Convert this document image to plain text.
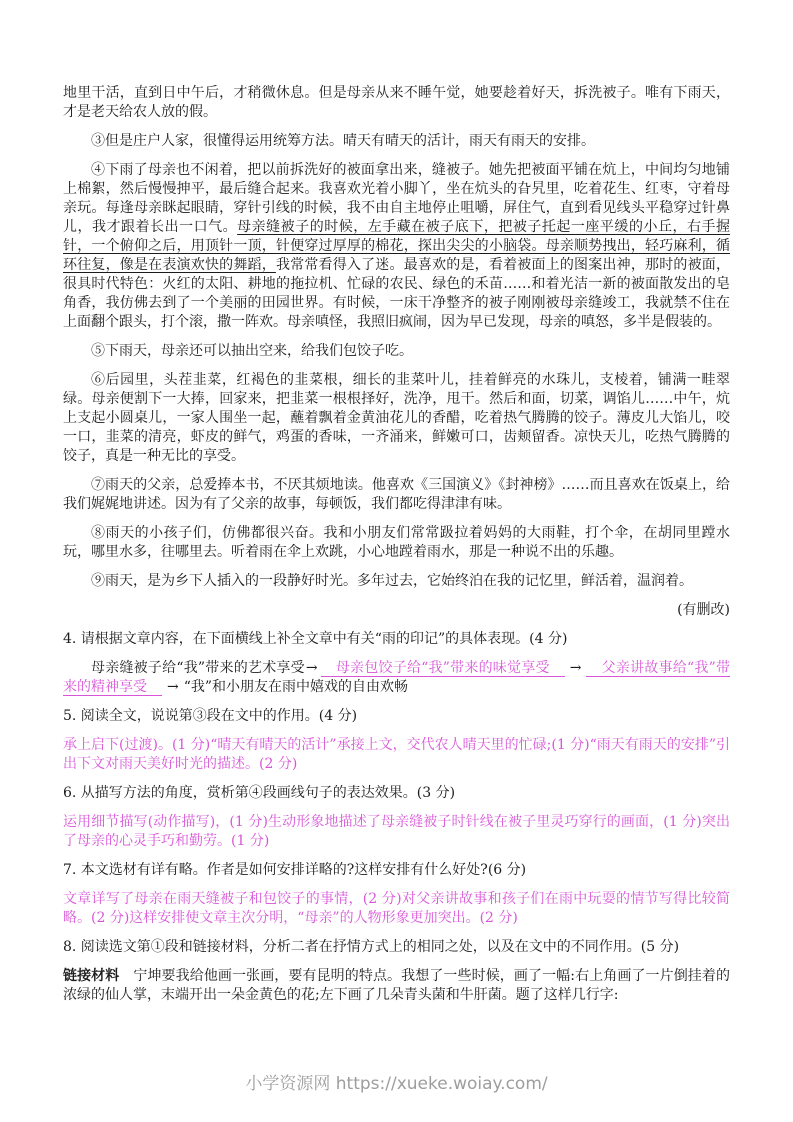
地里干活，直到日中午后，才稍微休息。但是母亲从来不睡午觉，她要趁着好天，拆洗被子。唯有下雨天，才是老天给农人放的假。

③但是庄户人家，很懂得运用统筹方法。晴天有晴天的活计，雨天有雨天的安排。

④下雨了母亲也不闲着，把以前拆洗好的被面拿出来，缝被子。她先把被面平铺在炕上，中间均匀地铺上棉絮，然后慢慢抻平，最后缝合起来。我喜欢光着小脚丫，坐在炕头的旮旯里，吃着花生、红枣，守着母亲玩。每逢母亲眯起眼睛，穿针引线的时候，我不由自主地停止咀嚼，屏住气，直到看见线头平稳穿过针鼻儿，我才跟着长出一口气。母亲缝被子的时候，左手藏在被子底下，把被子托起一座平缓的小丘，右手握针，一个俯仰之后，用顶针一顶，针便穿过厚厚的棉花，探出尖尖的小脑袋。母亲顺势拽出，轻巧麻利，循环往复，像是在表演欢快的舞蹈，我常常看得入了迷。最喜欢的是，看着被面上的图案出神，那时的被面，很具时代特色：火红的太阳、耕地的拖拉机、忙碌的农民、绿色的禾苗……和着光洁一新的被面散发出的皂角香，我仿佛去到了一个美丽的田园世界。有时候，一床干净整齐的被子刚刚被母亲缝竣工，我就禁不住在上面翻个跟头，打个滚，撒一阵欢。母亲嗔怪，我照旧疯闹，因为早已发现，母亲的嗔怒，多半是假装的。

⑤下雨天，母亲还可以抽出空来，给我们包饺子吃。

⑥后园里，头茬韭菜，红褐色的韭菜根，细长的韭菜叶儿，挂着鲜亮的水珠儿，支棱着，铺满一畦翠绿。母亲便割下一大捧，回家来，把韭菜一根根择好，洗净，甩干。然后和面，切菜，调馅儿……中午，炕上支起小圆桌儿，一家人围坐一起，蘸着飘着金黄油花儿的香醋，吃着热气腾腾的饺子。薄皮儿大馅儿，咬一口，韭菜的清亮，虾皮的鲜气，鸡蛋的香味，一齐涌来，鲜嫩可口，齿颊留香。凉快天儿，吃热气腾腾的饺子，真是一种无比的享受。

⑦雨天的父亲，总爱捧本书，不厌其烦地读。他喜欢《三国演义》《封神榜》……而且喜欢在饭桌上，给我们娓娓地讲述。因为有了父亲的故事，每顿饭，我们都吃得津津有味。

⑧雨天的小孩子们，仿佛都很兴奋。我和小朋友们常常趿拉着妈妈的大雨鞋，打个伞，在胡同里蹚水玩，哪里水多，往哪里去。听着雨在伞上欢跳，小心地蹚着雨水，那是一种说不出的乐趣。

⑨雨天，是为乡下人插入的一段静好时光。多年过去，它始终泊在我的记忆里，鲜活着，温润着。

(有删改)

4. 请根据文章内容，在下面横线上补全文章中有关“雨的印记”的具体表现。(4 分)

母亲缝被子给“我”带来的艺术享受→ 母亲包饺子给“我”带来的味觉享受 → 父亲讲故事给“我”带来的精神享受 → “我”和小朋友在雨中嬉戏的自由欢畅

5. 阅读全文，说说第③段在文中的作用。(4 分)

承上启下(过渡)。(1 分)“晴天有晴天的活计”承接上文，交代农人晴天里的忙碌;(1 分)“雨天有雨天的安排”引出下文对雨天美好时光的描述。(2 分)

6. 从描写方法的角度，赏析第④段画线句子的表达效果。(3 分)

运用细节描写(动作描写)，(1 分)生动形象地描述了母亲缝被子时针线在被子里灵巧穿行的画面，(1 分)突出了母亲的心灵手巧和勤劳。(1 分)

7. 本文选材有详有略。作者是如何安排详略的?这样安排有什么好处?(6 分)

文章详写了母亲在雨天缝被子和包饺子的事情，(2 分)对父亲讲故事和孩子们在雨中玩耍的情节写得比较简略。(2 分)这样安排使文章主次分明，“母亲”的人物形象更加突出。(2 分)

8. 阅读选文第①段和链接材料，分析二者在抒情方式上的相同之处，以及在文中的不同作用。(5 分)

链接材料 宁坤要我给他画一张画，要有昆明的特点。我想了一些时候，画了一幅:右上角画了一片倒挂着的浓绿的仙人掌，末端开出一朵金黄色的花;左下画了几朵青头菌和牛肝菌。题了这样几行字:

小学资源网 https://xueke.woiay.com/
